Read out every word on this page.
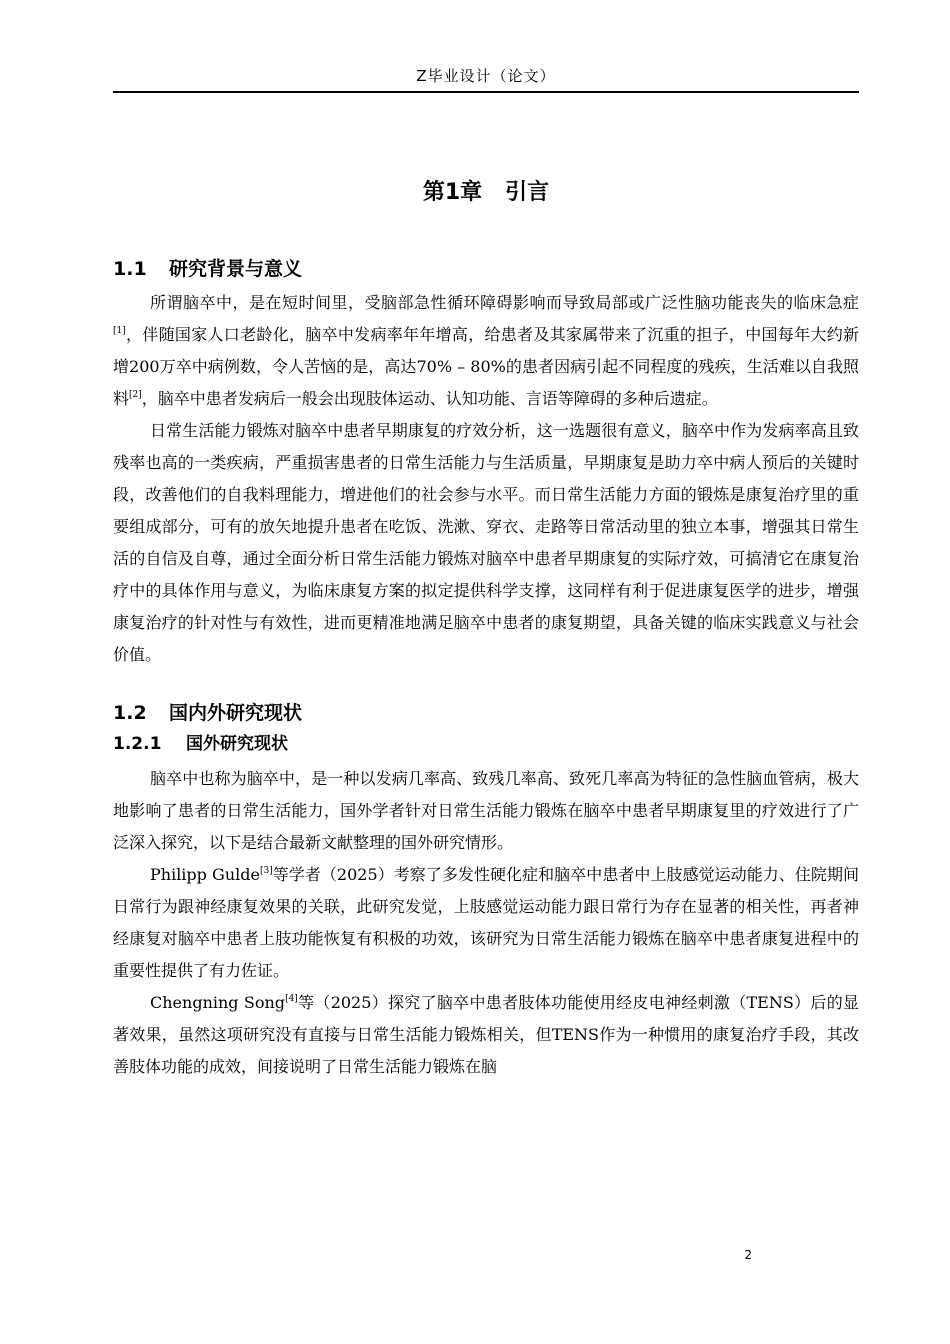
Z毕业设计（论文）
第1章   引言
1.1 研究背景与意义

所谓脑卒中，是在短时间里，受脑部急性循环障碍影响而导致局部或广泛性脑功能丧失的临床急症[1]，伴随国家人口老龄化，脑卒中发病率年年增高，给患者及其家属带来了沉重的担子，中国每年大约新增200万卒中病例数，令人苦恼的是，高达70% – 80%的患者因病引起不同程度的残疾，生活难以自我照料[2]，脑卒中患者发病后一般会出现肢体运动、认知功能、言语等障碍的多种后遗症。

日常生活能力锻炼对脑卒中患者早期康复的疗效分析，这一选题很有意义，脑卒中作为发病率高且致残率也高的一类疾病，严重损害患者的日常生活能力与生活质量，早期康复是助力卒中病人预后的关键时段，改善他们的自我料理能力，增进他们的社会参与水平。而日常生活能力方面的锻炼是康复治疗里的重要组成部分，可有的放矢地提升患者在吃饭、洗漱、穿衣、走路等日常活动里的独立本事，增强其日常生活的自信及自尊，通过全面分析日常生活能力锻炼对脑卒中患者早期康复的实际疗效，可搞清它在康复治疗中的具体作用与意义，为临床康复方案的拟定提供科学支撑，这同样有利于促进康复医学的进步，增强康复治疗的针对性与有效性，进而更精准地满足脑卒中患者的康复期望，具备关键的临床实践意义与社会价值。

1.2 国内外研究现状
1.2.1 国外研究现状

脑卒中也称为脑卒中，是一种以发病几率高、致残几率高、致死几率高为特征的急性脑血管病，极大地影响了患者的日常生活能力，国外学者针对日常生活能力锻炼在脑卒中患者早期康复里的疗效进行了广泛深入探究，以下是结合最新文献整理的国外研究情形。

Philipp Gulde[3]等学者（2025）考察了多发性硬化症和脑卒中患者中上肢感觉运动能力、住院期间日常行为跟神经康复效果的关联，此研究发觉，上肢感觉运动能力跟日常行为存在显著的相关性，再者神经康复对脑卒中患者上肢功能恢复有积极的功效，该研究为日常生活能力锻炼在脑卒中患者康复进程中的重要性提供了有力佐证。

Chengning Song[4]等（2025）探究了脑卒中患者肢体功能使用经皮电神经刺激（TENS）后的显著效果，虽然这项研究没有直接与日常生活能力锻炼相关，但TENS作为一种惯用的康复治疗手段，其改善肢体功能的成效，间接说明了日常生活能力锻炼在脑

2
